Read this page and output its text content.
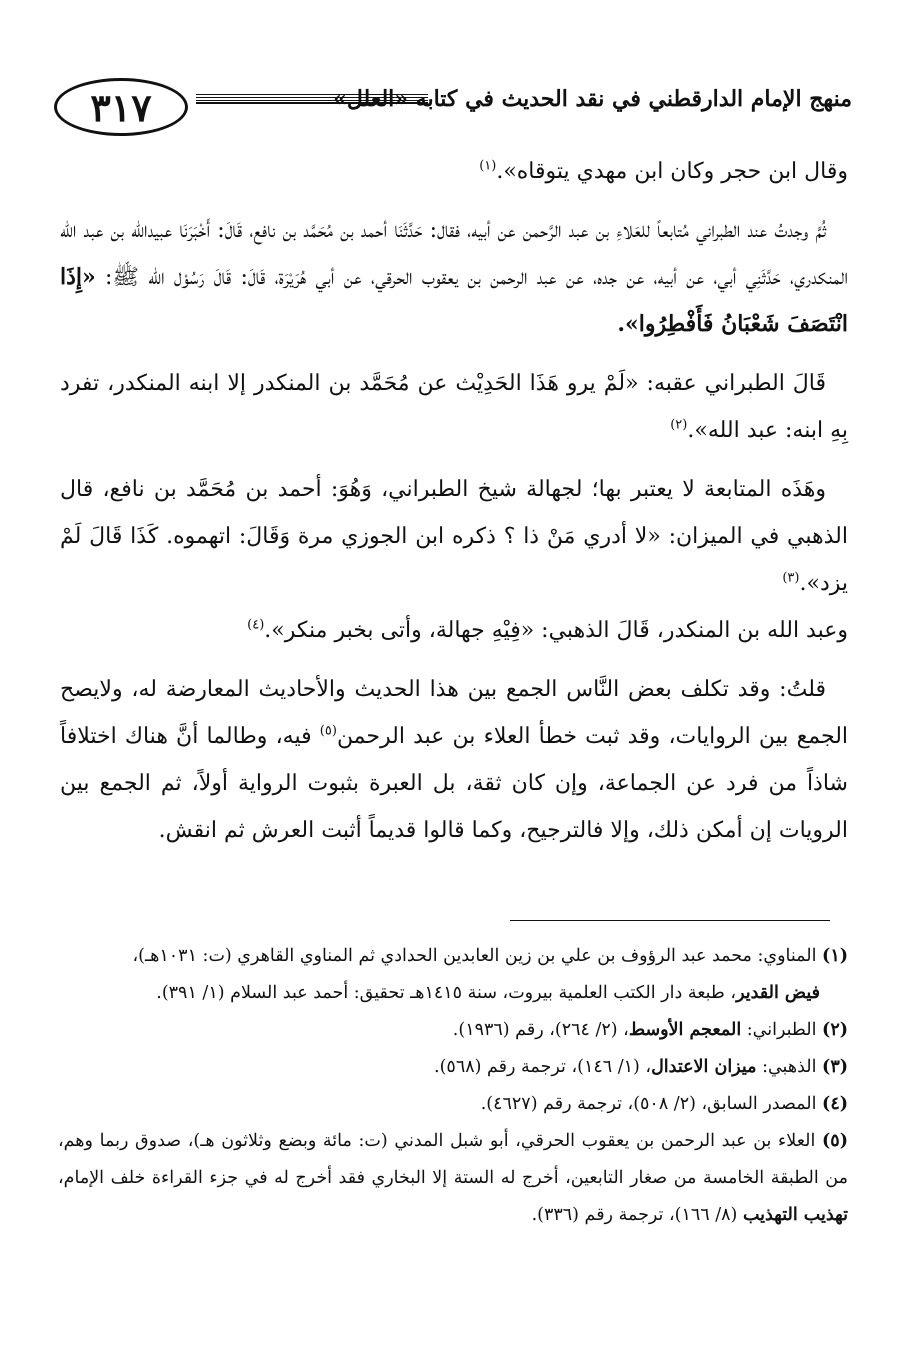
منهج الإمام الدارقطني في نقد الحديث في كتابه «العلل»
٣١٧

وقال ابن حجر وكان ابن مهدي يتوقاه».$^{(١)}$

ثُمَّ وجدتُ عند الطبراني مُتابعاً للعَلاءِ بن عبد الرَّحمن عن أبيه، فقال: حَدَّثَنَا أحمد بن مُحَمَّد بن نافع، قَالَ: أَخْبَرَنَا عبيدالله بن عبد الله المنكدري، حَدَّثَنِي أبي، عن أبيه، عن جده، عن عبد الرحمن بن يعقوب الحرقي، عن أبي هُرَيْرَة، قَالَ: قَالَ رَسُوْل الله ﷺ: «إِذَا انْتَصَفَ شَعْبَانُ فَأَفْطِرُوا».

قَالَ الطبراني عقبه: «لَمْ يرو هَذَا الحَدِيْث عن مُحَمَّد بن المنكدر إلا ابنه المنكدر، تفرد بِهِ ابنه: عبد الله».$^{(٢)}$

وهَذَه المتابعة لا يعتبر بها؛ لجهالة شيخ الطبراني، وَهُوَ: أحمد بن مُحَمَّد بن نافع، قال الذهبي في الميزان: «لا أدري مَنْ ذا ؟ ذكره ابن الجوزي مرة وَقَالَ: اتهموه. كَذَا قَالَ لَمْ يزد».$^{(٣)}$
وعبد الله بن المنكدر، قَالَ الذهبي: «فِيْهِ جهالة، وأتى بخبر منكر».$^{(٤)}$

قلتُ: وقد تكلف بعض النَّاس الجمع بين هذا الحديث والأحاديث المعارضة له، ولايصح الجمع بين الروايات، وقد ثبت خطأ العلاء بن عبد الرحمن$^{(٥)}$ فيه، وطالما أنَّ هناك اختلافاً شاذاً من فرد عن الجماعة، وإن كان ثقة، بل العبرة بثبوت الرواية أولاً، ثم الجمع بين الرويات إن أمكن ذلك، وإلا فالترجيح، وكما قالوا قديماً أثبت العرش ثم انقش.

(١) المناوي: محمد عبد الرؤوف بن علي بن زين العابدين الحدادي ثم المناوي القاهري (ت: ١٠٣١هـ)،

فيض القدير، طبعة دار الكتب العلمية بيروت، سنة ١٤١٥هـ تحقيق: أحمد عبد السلام (١/ ٣٩١).

(٢) الطبراني: المعجم الأوسط، (٢/ ٢٦٤)، رقم (١٩٣٦).

(٣) الذهبي: ميزان الاعتدال، (١/ ١٤٦)، ترجمة رقم (٥٦٨).

(٤) المصدر السابق، (٢/ ٥٠٨)، ترجمة رقم (٤٦٢٧).

(٥) العلاء بن عبد الرحمن بن يعقوب الحرقي، أبو شبل المدني (ت: مائة وبضع وثلاثون هـ)، صدوق ربما وهم، من الطبقة الخامسة من صغار التابعين، أخرج له الستة إلا البخاري فقد أخرج له في جزء القراءة خلف الإمام، تهذيب التهذيب (٨/ ١٦٦)، ترجمة رقم (٣٣٦).
